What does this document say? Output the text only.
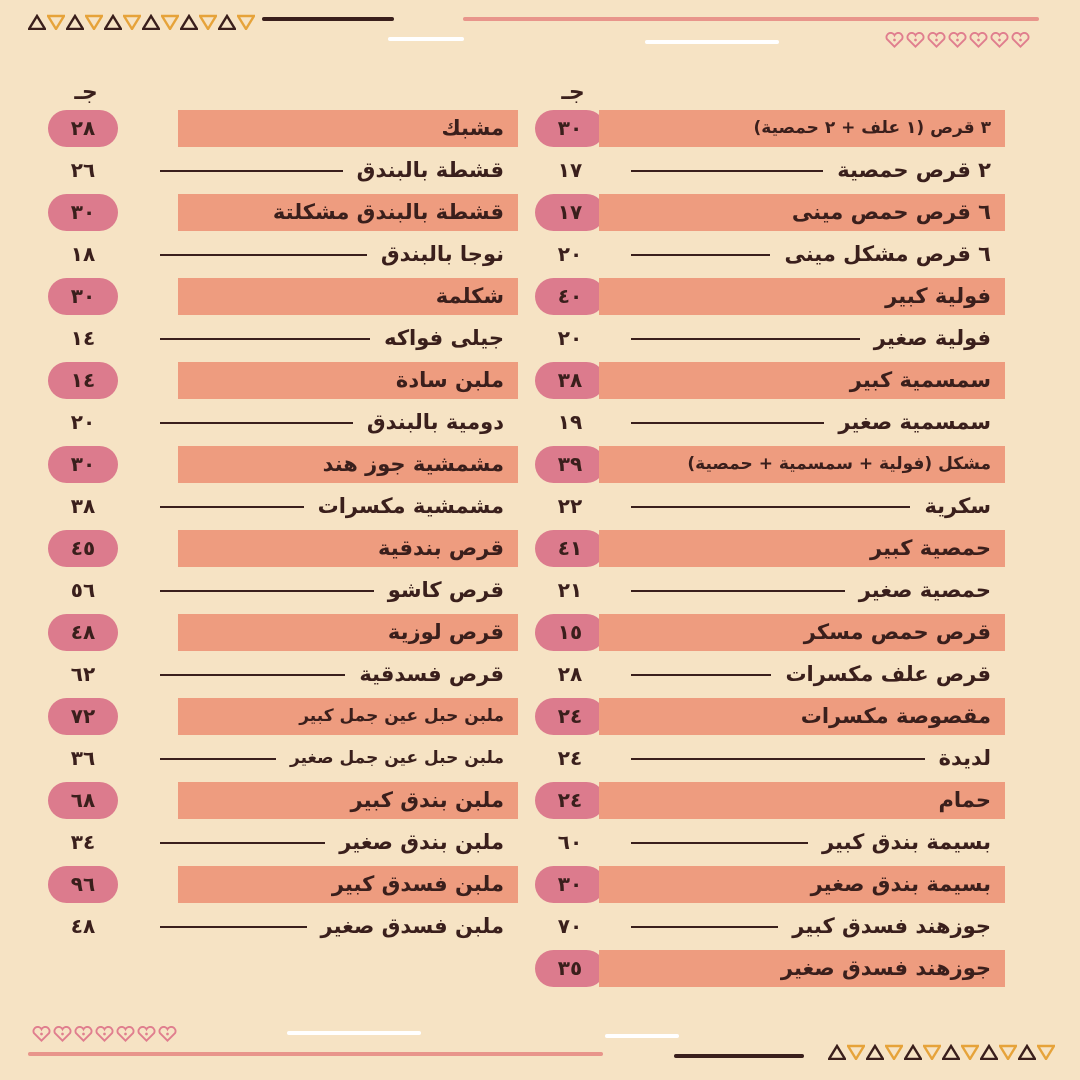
جـ
٣٠	٣ قرص (١ علف + ٢ حمصية)
١٧	٢ قرص حمصية
١٧	٦ قرص حمص مينى
٢٠	٦ قرص مشكل مينى
٤٠	فولية كبير
٢٠	فولية صغير
٣٨	سمسمية كبير
١٩	سمسمية صغير
٣٩	مشكل (فولية + سمسمية + حمصية)
٢٢	سكرية
٤١	حمصية كبير
٢١	حمصية صغير
١٥	قرص حمص مسكر
٢٨	قرص علف مكسرات
٢٤	مقصوصة مكسرات
٢٤	لديدة
٢٤	حمام
٦٠	بسيمة بندق كبير
٣٠	بسيمة بندق صغير
٧٠	جوزهند فسدق كبير
٣٥	جوزهند فسدق صغير
جـ
٢٨	مشبك
٢٦	قشطة بالبندق
٣٠	قشطة بالبندق مشكلتة
١٨	نوجا بالبندق
٣٠	شكلمة
١٤	جيلى فواكه
١٤	ملبن سادة
٢٠	دومية بالبندق
٣٠	مشمشية جوز هند
٣٨	مشمشية مكسرات
٤٥	قرص بندقية
٥٦	قرص كاشو
٤٨	قرص لوزية
٦٢	قرص فسدقية
٧٢	ملبن حبل عين جمل كبير
٣٦	ملبن حبل عين جمل صغير
٦٨	ملبن بندق كبير
٣٤	ملبن بندق صغير
٩٦	ملبن فسدق كبير
٤٨	ملبن فسدق صغير
